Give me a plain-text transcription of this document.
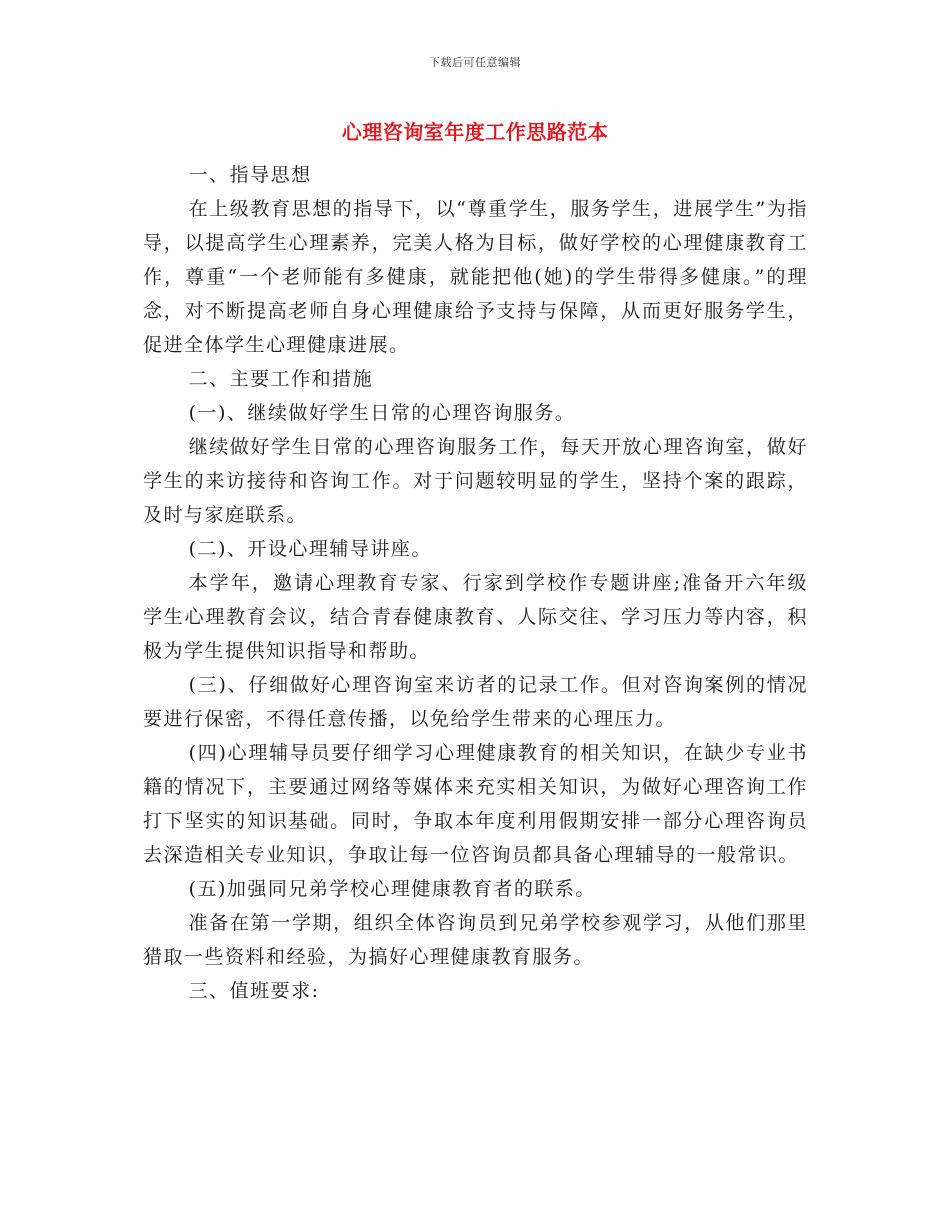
下载后可任意编辑
心理咨询室年度工作思路范本

一、指导思想

在上级教育思想的指导下，以“尊重学生，服务学生，进展学生”为指导，以提高学生心理素养，完美人格为目标，做好学校的心理健康教育工作，尊重“一个老师能有多健康，就能把他(她)的学生带得多健康。”的理念，对不断提高老师自身心理健康给予支持与保障，从而更好服务学生，促进全体学生心理健康进展。

二、主要工作和措施

(一)、继续做好学生日常的心理咨询服务。

继续做好学生日常的心理咨询服务工作，每天开放心理咨询室，做好学生的来访接待和咨询工作。对于问题较明显的学生，坚持个案的跟踪，及时与家庭联系。

(二)、开设心理辅导讲座。

本学年，邀请心理教育专家、行家到学校作专题讲座;准备开六年级学生心理教育会议，结合青春健康教育、人际交往、学习压力等内容，积极为学生提供知识指导和帮助。

(三)、仔细做好心理咨询室来访者的记录工作。但对咨询案例的情况要进行保密，不得任意传播，以免给学生带来的心理压力。

(四)心理辅导员要仔细学习心理健康教育的相关知识，在缺少专业书籍的情况下，主要通过网络等媒体来充实相关知识，为做好心理咨询工作打下坚实的知识基础。同时，争取本年度利用假期安排一部分心理咨询员去深造相关专业知识，争取让每一位咨询员都具备心理辅导的一般常识。

(五)加强同兄弟学校心理健康教育者的联系。

准备在第一学期，组织全体咨询员到兄弟学校参观学习，从他们那里猎取一些资料和经验，为搞好心理健康教育服务。

三、值班要求:
